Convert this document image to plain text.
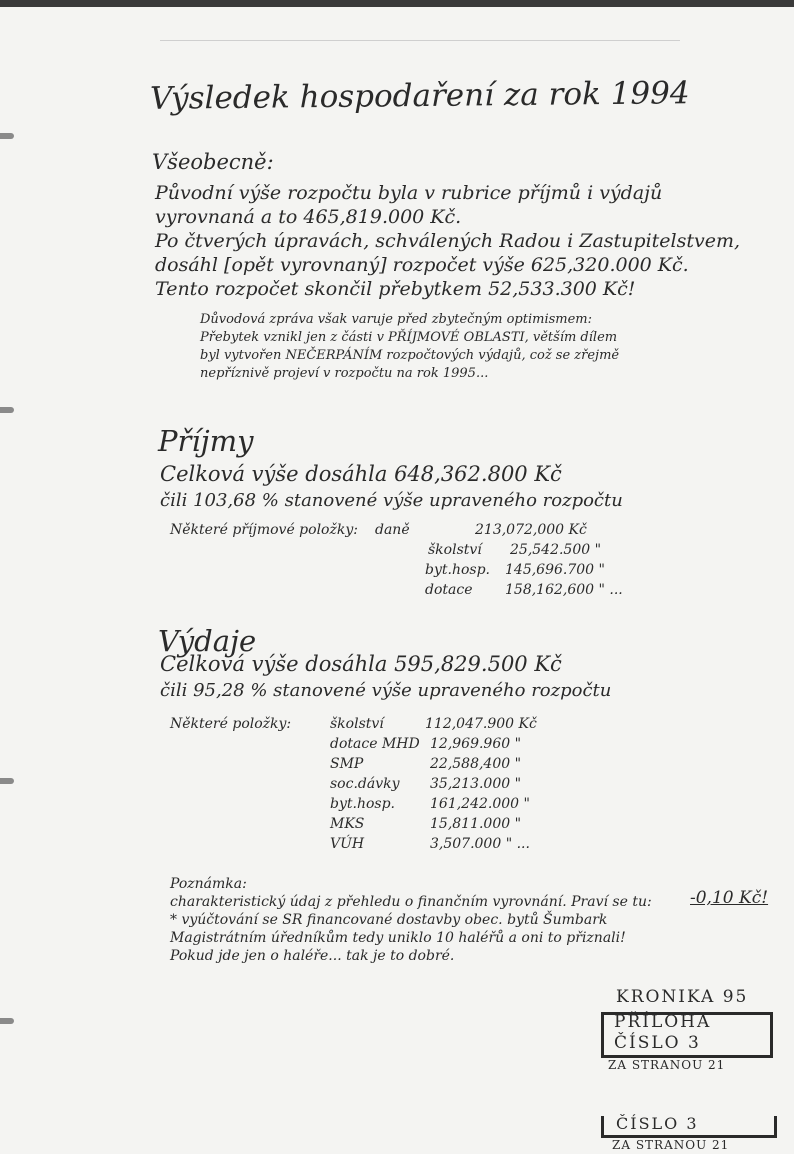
Výsledek hospodaření za rok 1994
Všeobecně:
Původní výše rozpočtu byla v rubrice příjmů i výdajů
vyrovnaná a to 465,819.000 Kč.
Po čtverých úpravách, schválených Radou i Zastupitelstvem,
dosáhl [opět vyrovnaný] rozpočet výše 625,320.000 Kč.
Tento rozpočet skončil přebytkem 52,533.300 Kč!
Důvodová zpráva však varuje před zbytečným optimismem:
Přebytek vznikl jen z části v PŘÍJMOVÉ OBLASTI, větším dílem
byl vytvořen NEČERPÁNÍM rozpočtových výdajů, což se zřejmě
nepříznivě projeví v rozpočtu na rok 1995...
Příjmy
Celková výše dosáhla 648,362.800 Kč
čili 103,68 % stanovené výše upraveného rozpočtu
Některé příjmové položky: daně	213,072,000 Kč
školství 25,542.500 "
byt.hosp. 145,696.700 "
dotace 158,162,600 " ...
Výdaje
Celková výše dosáhla 595,829.500 Kč
čili 95,28 % stanovené výše upraveného rozpočtu
Některé položky:	školství	112,047.900 Kč
dotace MHD 12,969.960 "
SMP	22,588,400 "
soc.dávky 35,213.000 "
byt.hosp.	161,242.000 "
MKS	15,811.000 "
VÚH	3,507.000 " ...
Poznámka:
charakteristický údaj z přehledu o finančním vyrovnání. Praví se tu:
* vyúčtování se SR financované dostavby obec. bytů Šumbark
Magistrátním úředníkům tedy uniklo 10 haléřů a oni to přiznali!
Pokud jde jen o haléře... tak je to dobré.
-0,10 Kč!
KRONIKA 95
PŘÍLOHA
ČÍSLO 3
ZA STRANOU 21
ČÍSLO 3
ZA STRANOU 21
